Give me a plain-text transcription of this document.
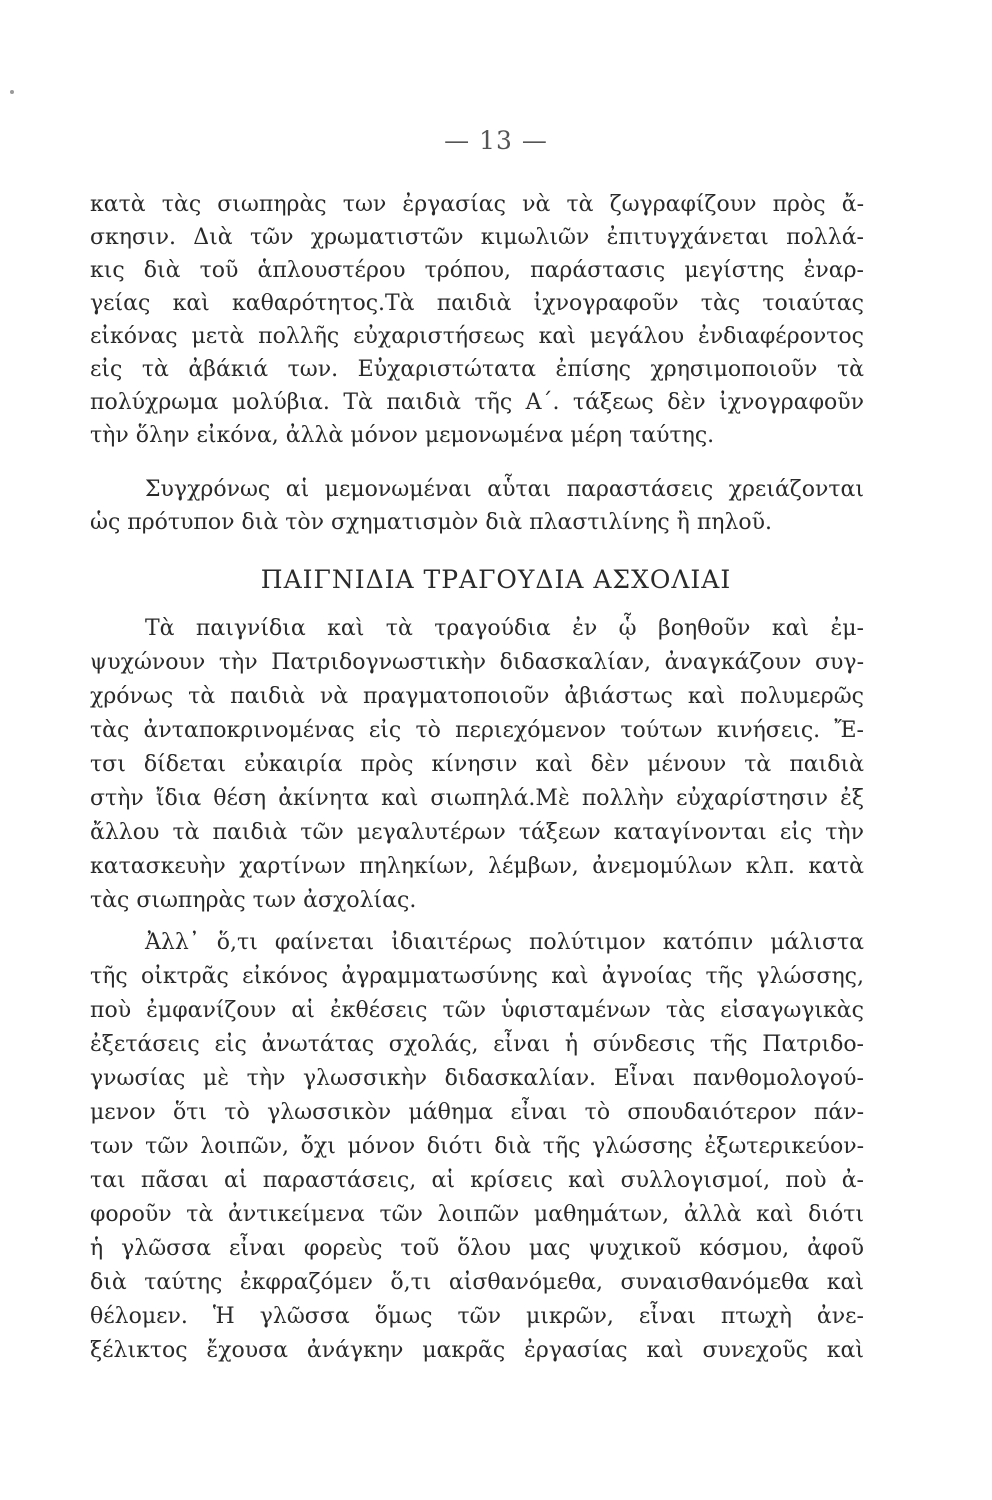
— 13 —
κατὰ τὰς σιωπηρὰς των ἐργασίας νὰ τὰ ζωγραφίζουν πρὸς ἄ-
σκησιν. Διὰ τῶν χρωματιστῶν κιμωλιῶν ἐπιτυγχάνεται πολλά-
κις διὰ τοῦ ἁπλουστέρου τρόπου, παράστασις μεγίστης ἐναρ-
γείας καὶ καθαρότητος.Τὰ παιδιὰ ἰχνογραφοῦν τὰς τοιαύτας
εἰκόνας μετὰ πολλῆς εὐχαριστήσεως καὶ μεγάλου ἐνδιαφέροντος
εἰς τὰ ἀβάκιά των. Εὐχαριστώτατα ἐπίσης χρησιμοποιοῦν τὰ
πολύχρωμα μολύβια. Τὰ παιδιὰ τῆς Α΄. τάξεως δὲν ἰχνογραφοῦν
τὴν ὅλην εἰκόνα, ἀλλὰ μόνον μεμονωμένα μέρη ταύτης.
Συγχρόνως αἱ μεμονωμέναι αὗται παραστάσεις χρειάζονται
ὡς πρότυπον διὰ τὸν σχηματισμὸν διὰ πλαστιλίνης ἢ πηλοῦ.
ΠΑΙΓΝΙΔΙΑ ΤΡΑΓΟΥΔΙΑ ΑΣΧΟΛΙΑΙ
Τὰ παιγνίδια καὶ τὰ τραγούδια ἐν ᾧ βοηθοῦν καὶ ἐμ-
ψυχώνουν τὴν Πατριδογνωστικὴν διδασκαλίαν, ἀναγκάζουν συγ-
χρόνως τὰ παιδιὰ νὰ πραγματοποιοῦν ἀβιάστως καὶ πολυμερῶς
τὰς ἀνταποκρινομένας εἰς τὸ περιεχόμενον τούτων κινήσεις. Ἔ-
τσι δίδεται εὐκαιρία πρὸς κίνησιν καὶ δὲν μένουν τὰ παιδιὰ
στὴν ἴδια θέση ἀκίνητα καὶ σιωπηλά.Μὲ πολλὴν εὐχαρίστησιν ἐξ
ἄλλου τὰ παιδιὰ τῶν μεγαλυτέρων τάξεων καταγίνονται εἰς τὴν
κατασκευὴν χαρτίνων πηληκίων, λέμβων, ἀνεμομύλων κλπ. κατὰ
τὰς σιωπηρὰς των ἀσχολίας.
Ἀλλ᾽ ὅ,τι φαίνεται ἰδιαιτέρως πολύτιμον κατόπιν μάλιστα
τῆς οἰκτρᾶς εἰκόνος ἀγραμματωσύνης καὶ ἀγνοίας τῆς γλώσσης,
ποὺ ἐμφανίζουν αἱ ἐκθέσεις τῶν ὑφισταμένων τὰς εἰσαγωγικὰς
ἐξετάσεις εἰς ἀνωτάτας σχολάς, εἶναι ἡ σύνδεσις τῆς Πατριδο-
γνωσίας μὲ τὴν γλωσσικὴν διδασκαλίαν. Εἶναι πανθομολογού-
μενον ὅτι τὸ γλωσσικὸν μάθημα εἶναι τὸ σπουδαιότερον πάν-
των τῶν λοιπῶν, ὄχι μόνον διότι διὰ τῆς γλώσσης ἐξωτερικεύον-
ται πᾶσαι αἱ παραστάσεις, αἱ κρίσεις καὶ συλλογισμοί, ποὺ ἀ-
φοροῦν τὰ ἀντικείμενα τῶν λοιπῶν μαθημάτων, ἀλλὰ καὶ διότι
ἡ γλῶσσα εἶναι φορεὺς τοῦ ὅλου μας ψυχικοῦ κόσμου, ἀφοῦ
διὰ ταύτης ἐκφραζόμεν ὅ,τι αἰσθανόμεθα, συναισθανόμεθα καὶ
θέλομεν. Ἡ γλῶσσα ὅμως τῶν μικρῶν, εἶναι πτωχὴ ἀνε-
ξέλικτος ἔχουσα ἀνάγκην μακρᾶς ἐργασίας καὶ συνεχοῦς καὶ
